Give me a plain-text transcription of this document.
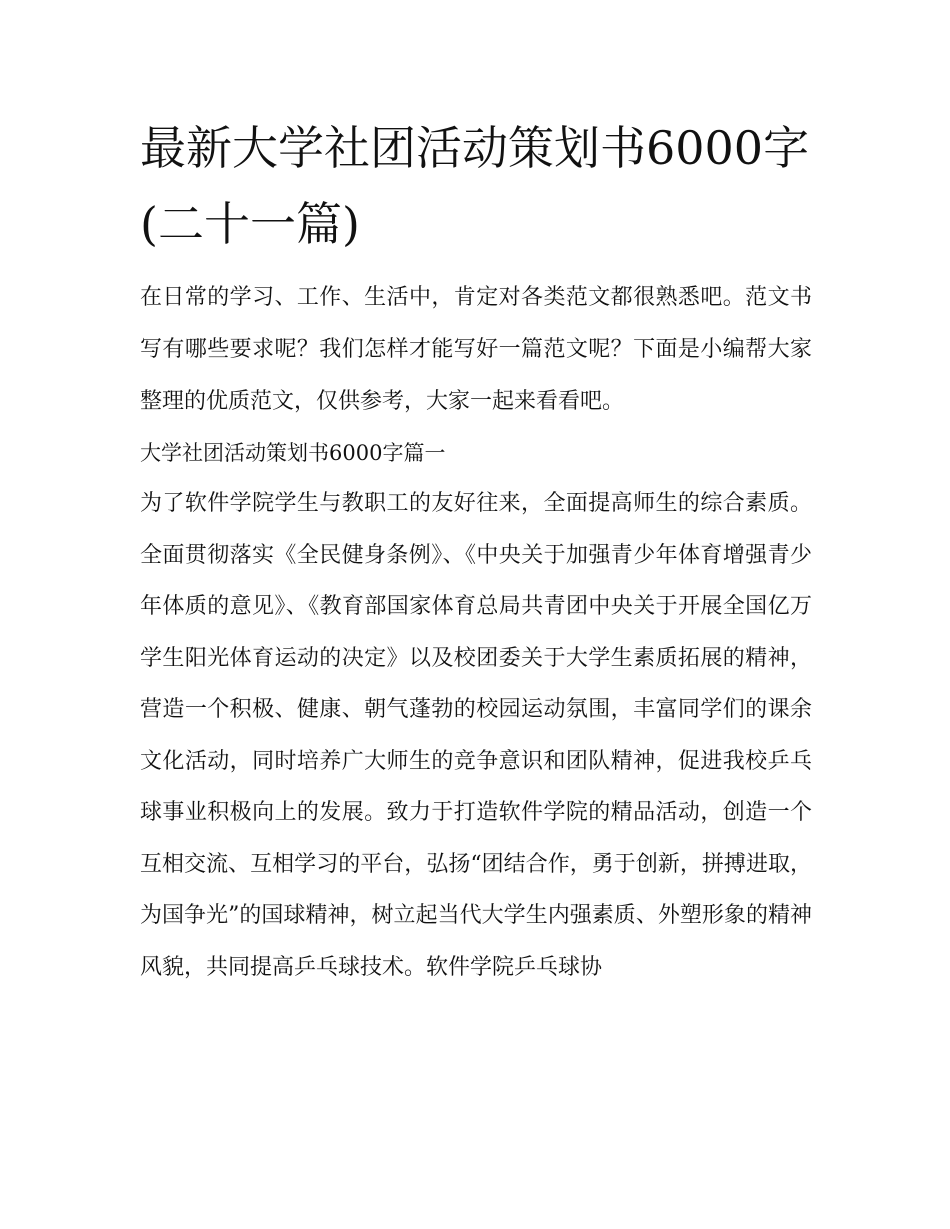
最新大学社团活动策划书6000字(二十一篇)

在日常的学习、工作、生活中，肯定对各类范文都很熟悉吧。范文书写有哪些要求呢？我们怎样才能写好一篇范文呢？下面是小编帮大家整理的优质范文，仅供参考，大家一起来看看吧。

大学社团活动策划书6000字篇一

为了软件学院学生与教职工的友好往来，全面提高师生的综合素质。全面贯彻落实《全民健身条例》、《中央关于加强青少年体育增强青少年体质的意见》、《教育部国家体育总局共青团中央关于开展全国亿万学生阳光体育运动的决定》以及校团委关于大学生素质拓展的精神，营造一个积极、健康、朝气蓬勃的校园运动氛围，丰富同学们的课余文化活动，同时培养广大师生的竞争意识和团队精神，促进我校乒乓球事业积极向上的发展。致力于打造软件学院的精品活动，创造一个互相交流、互相学习的平台，弘扬“团结合作，勇于创新，拼搏进取，为国争光”的国球精神，树立起当代大学生内强素质、外塑形象的精神风貌，共同提高乒乓球技术。软件学院乒乓球协
